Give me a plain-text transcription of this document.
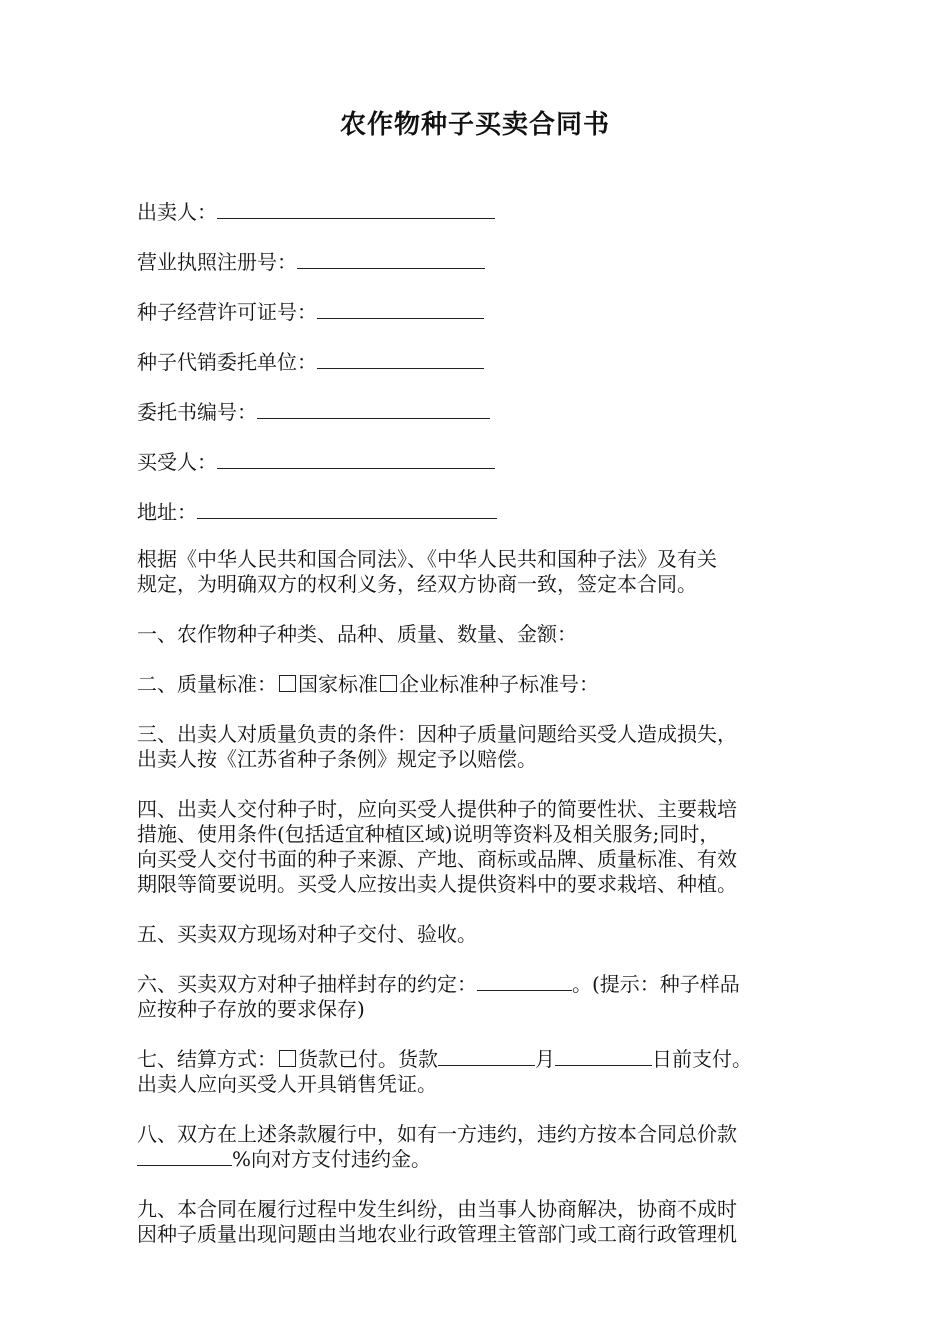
农作物种子买卖合同书
出卖人：
营业执照注册号：
种子经营许可证号：
种子代销委托单位：
委托书编号：
买受人：
地址：
根据《中华人民共和国合同法》、《中华人民共和国种子法》及有关
规定，为明确双方的权利义务，经双方协商一致，签定本合同。
一、农作物种子种类、品种、质量、数量、金额：
二、质量标准： 国家标准 企业标准种子标准号：
三、出卖人对质量负责的条件：因种子质量问题给买受人造成损失，
出卖人按《江苏省种子条例》规定予以赔偿。
四、出卖人交付种子时，应向买受人提供种子的简要性状、主要栽培
措施、使用条件(包括适宜种植区域)说明等资料及相关服务;同时，
向买受人交付书面的种子来源、产地、商标或品牌、质量标准、有效
期限等简要说明。买受人应按出卖人提供资料中的要求栽培、种植。
五、买卖双方现场对种子交付、验收。
六、买卖双方对种子抽样封存的约定：	。(提示：种子样品
应按种子存放的要求保存)
七、结算方式： 货款已付。货款	月	日前支付。
出卖人应向买受人开具销售凭证。
八、双方在上述条款履行中，如有一方违约，违约方按本合同总价款
%向对方支付违约金。
九、本合同在履行过程中发生纠纷，由当事人协商解决，协商不成时
因种子质量出现问题由当地农业行政管理主管部门或工商行政管理机
